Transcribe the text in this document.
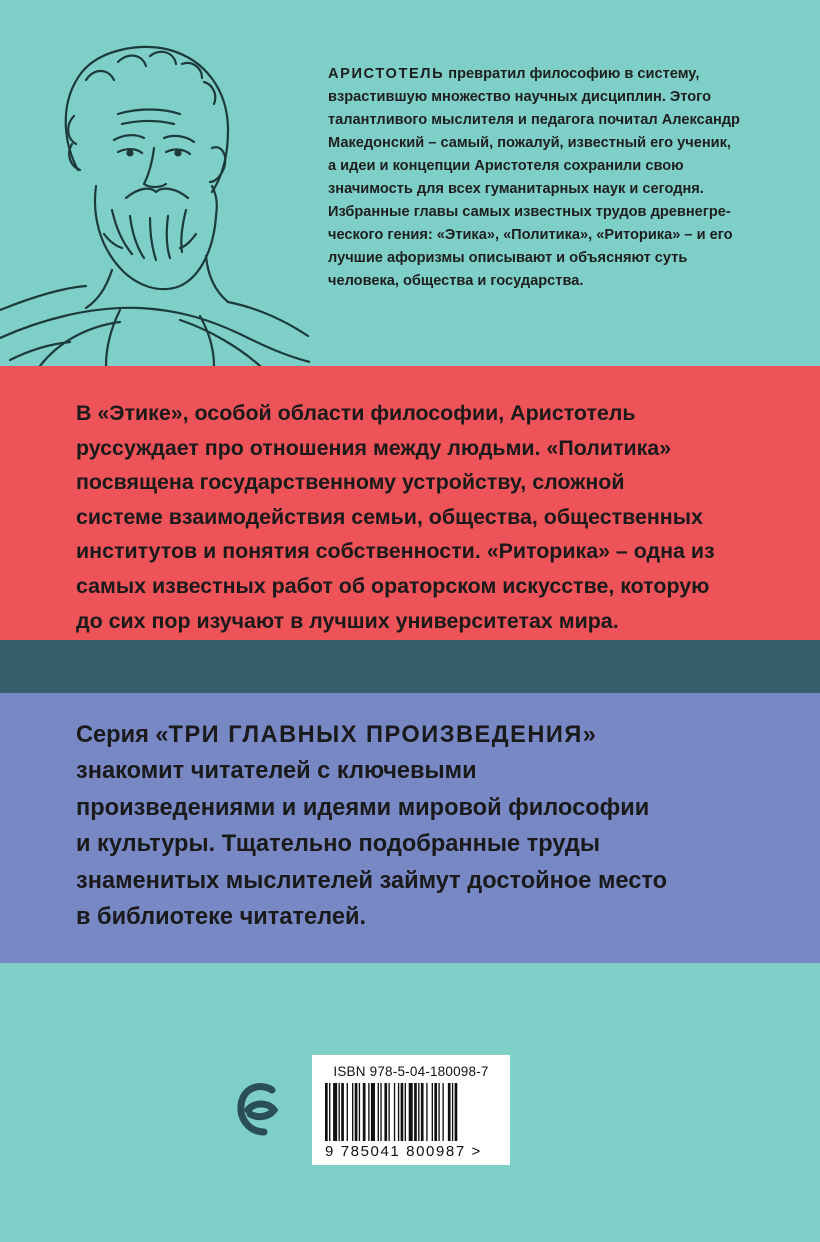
АРИСТОТЕЛЬ превратил философию в систему,
взрастившую множество научных дисциплин. Этого
талантливого мыслителя и педагога почитал Александр
Македонский – самый, пожалуй, известный его ученик,
а идеи и концепции Аристотеля сохранили свою
значимость для всех гуманитарных наук и сегодня.
Избранные главы самых известных трудов древнегре-
ческого гения: «Этика», «Политика», «Риторика» – и его
лучшие афоризмы описывают и объясняют суть
человека, общества и государства.

В «Этике», особой области философии, Аристотель
руссуждает про отношения между людьми. «Политика»
посвящена государственному устройству, сложной
системе взаимодействия семьи, общества, общественных
институтов и понятия собственности. «Риторика» – одна из
самых известных работ об ораторском искусстве, которую
до сих пор изучают в лучших университетах мира.

Серия «ТРИ ГЛАВНЫХ ПРОИЗВЕДЕНИЯ»
знакомит читателей с ключевыми
произведениями и идеями мировой философии
и культуры. Тщательно подобранные труды
знаменитых мыслителей займут достойное место
в библиотеке читателей.

ISBN 978-5-04-180098-7
9 785041 800987 >
